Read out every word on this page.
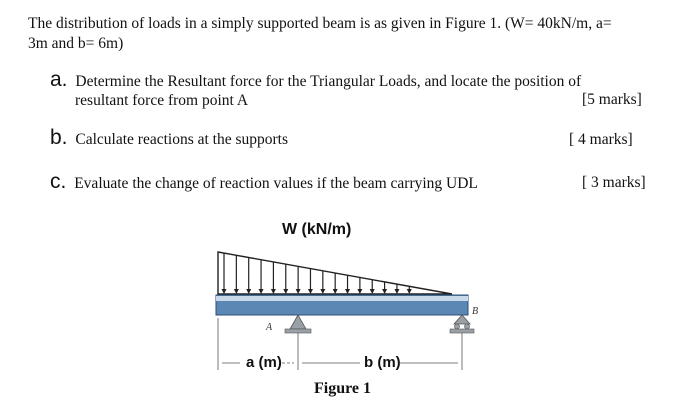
The distribution of loads in a simply supported beam is as given in Figure 1. (W= 40kN/m, a=
3m and b= 6m)
a. Determine the Resultant force for the Triangular Loads, and locate the position of
resultant force from point A	[5 marks]
b. Calculate reactions at the supports	[ 4 marks]
c. Evaluate the change of reaction values if the beam carrying UDL	[ 3 marks]
W (kN/m)
A
B
a (m)	b (m)
Figure 1
